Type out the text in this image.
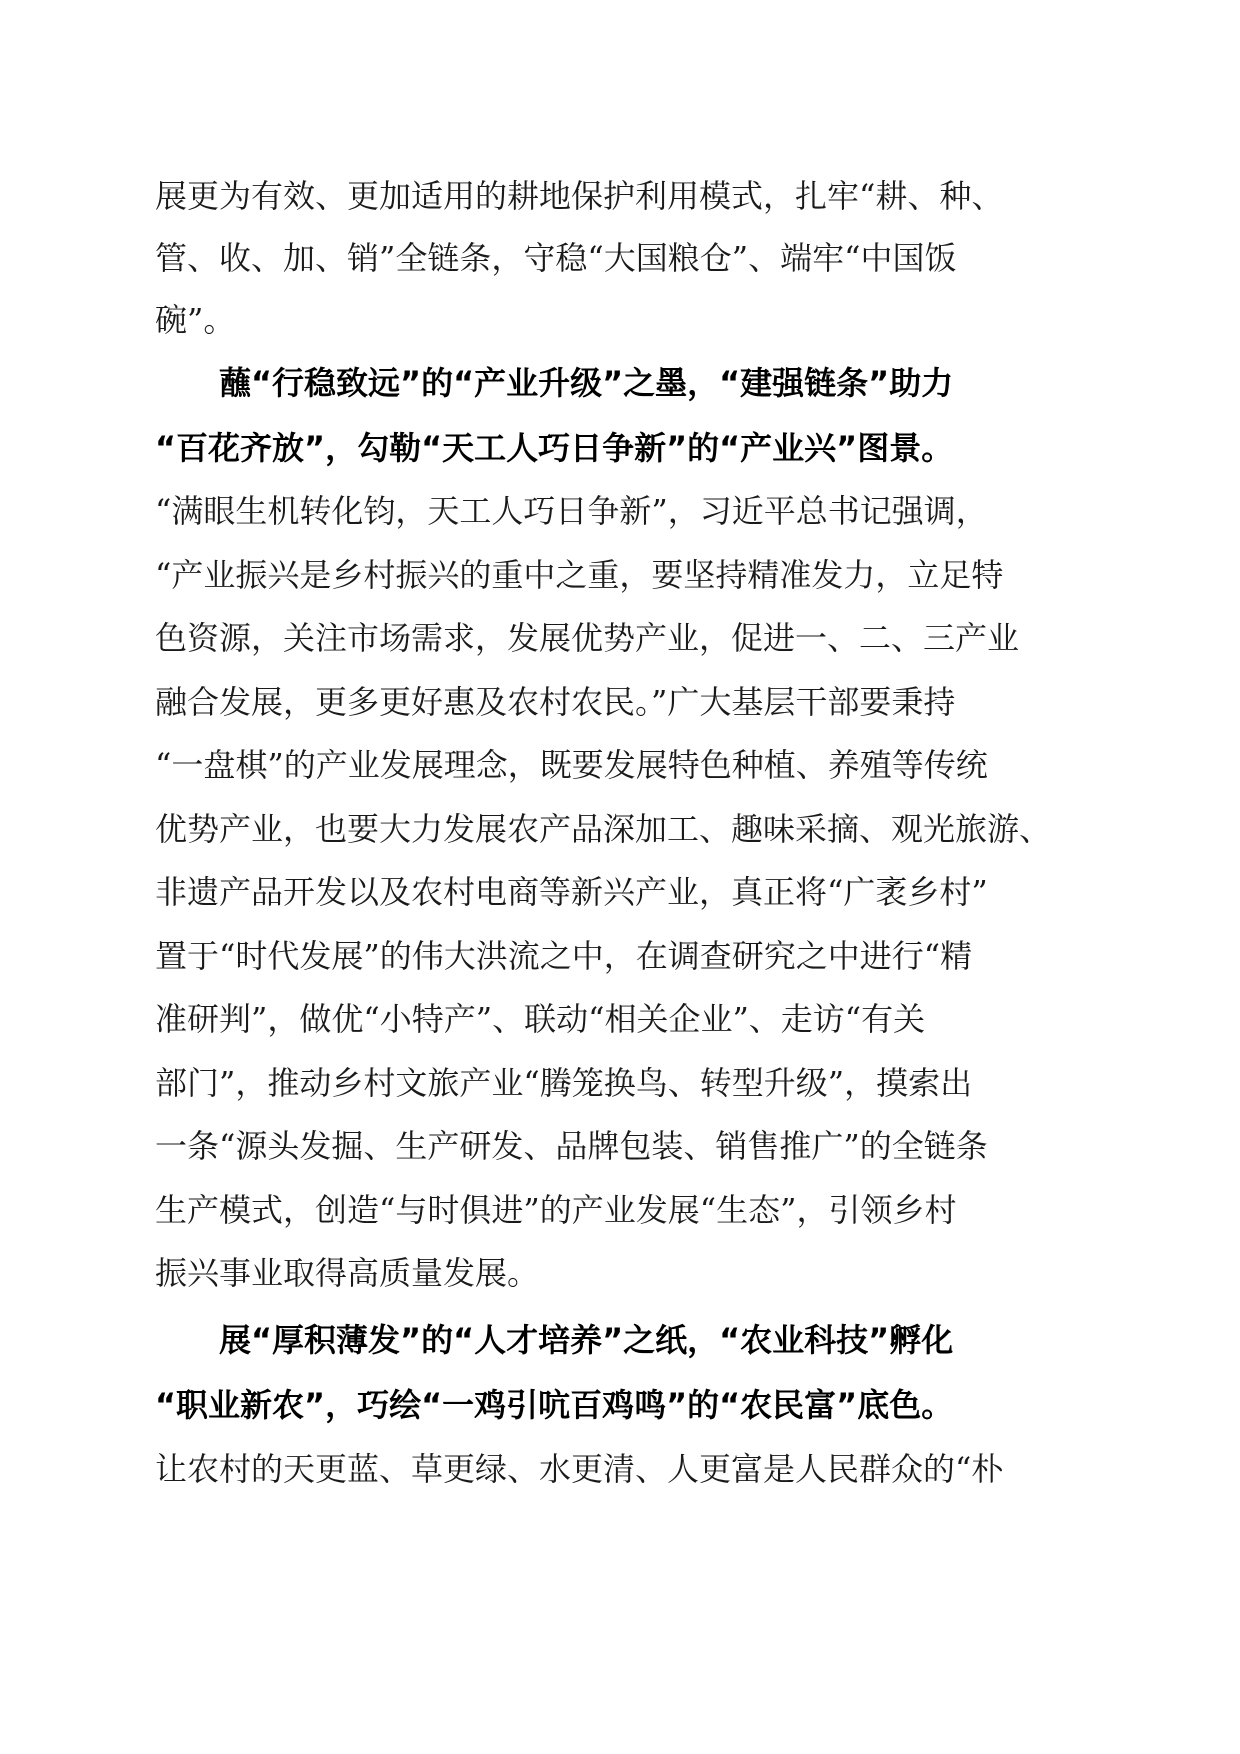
展更为有效、更加适用的耕地保护利用模式，扎牢“耕、种、
管、收、加、销”全链条，守稳“大国粮仓”、端牢“中国饭
碗”。
蘸“行稳致远”的“产业升级”之墨，“建强链条”助力
“百花齐放”，勾勒“天工人巧日争新”的“产业兴”图景。
“满眼生机转化钧，天工人巧日争新”，习近平总书记强调，
“产业振兴是乡村振兴的重中之重，要坚持精准发力，立足特
色资源，关注市场需求，发展优势产业，促进一、二、三产业
融合发展，更多更好惠及农村农民。”广大基层干部要秉持
“一盘棋”的产业发展理念，既要发展特色种植、养殖等传统
优势产业，也要大力发展农产品深加工、趣味采摘、观光旅游、
非遗产品开发以及农村电商等新兴产业，真正将“广袤乡村”
置于“时代发展”的伟大洪流之中，在调查研究之中进行“精
准研判”，做优“小特产”、联动“相关企业”、走访“有关
部门”，推动乡村文旅产业“腾笼换鸟、转型升级”，摸索出
一条“源头发掘、生产研发、品牌包装、销售推广”的全链条
生产模式，创造“与时俱进”的产业发展“生态”，引领乡村
振兴事业取得高质量发展。
展“厚积薄发”的“人才培养”之纸，“农业科技”孵化
“职业新农”，巧绘“一鸡引吭百鸡鸣”的“农民富”底色。
让农村的天更蓝、草更绿、水更清、人更富是人民群众的“朴
